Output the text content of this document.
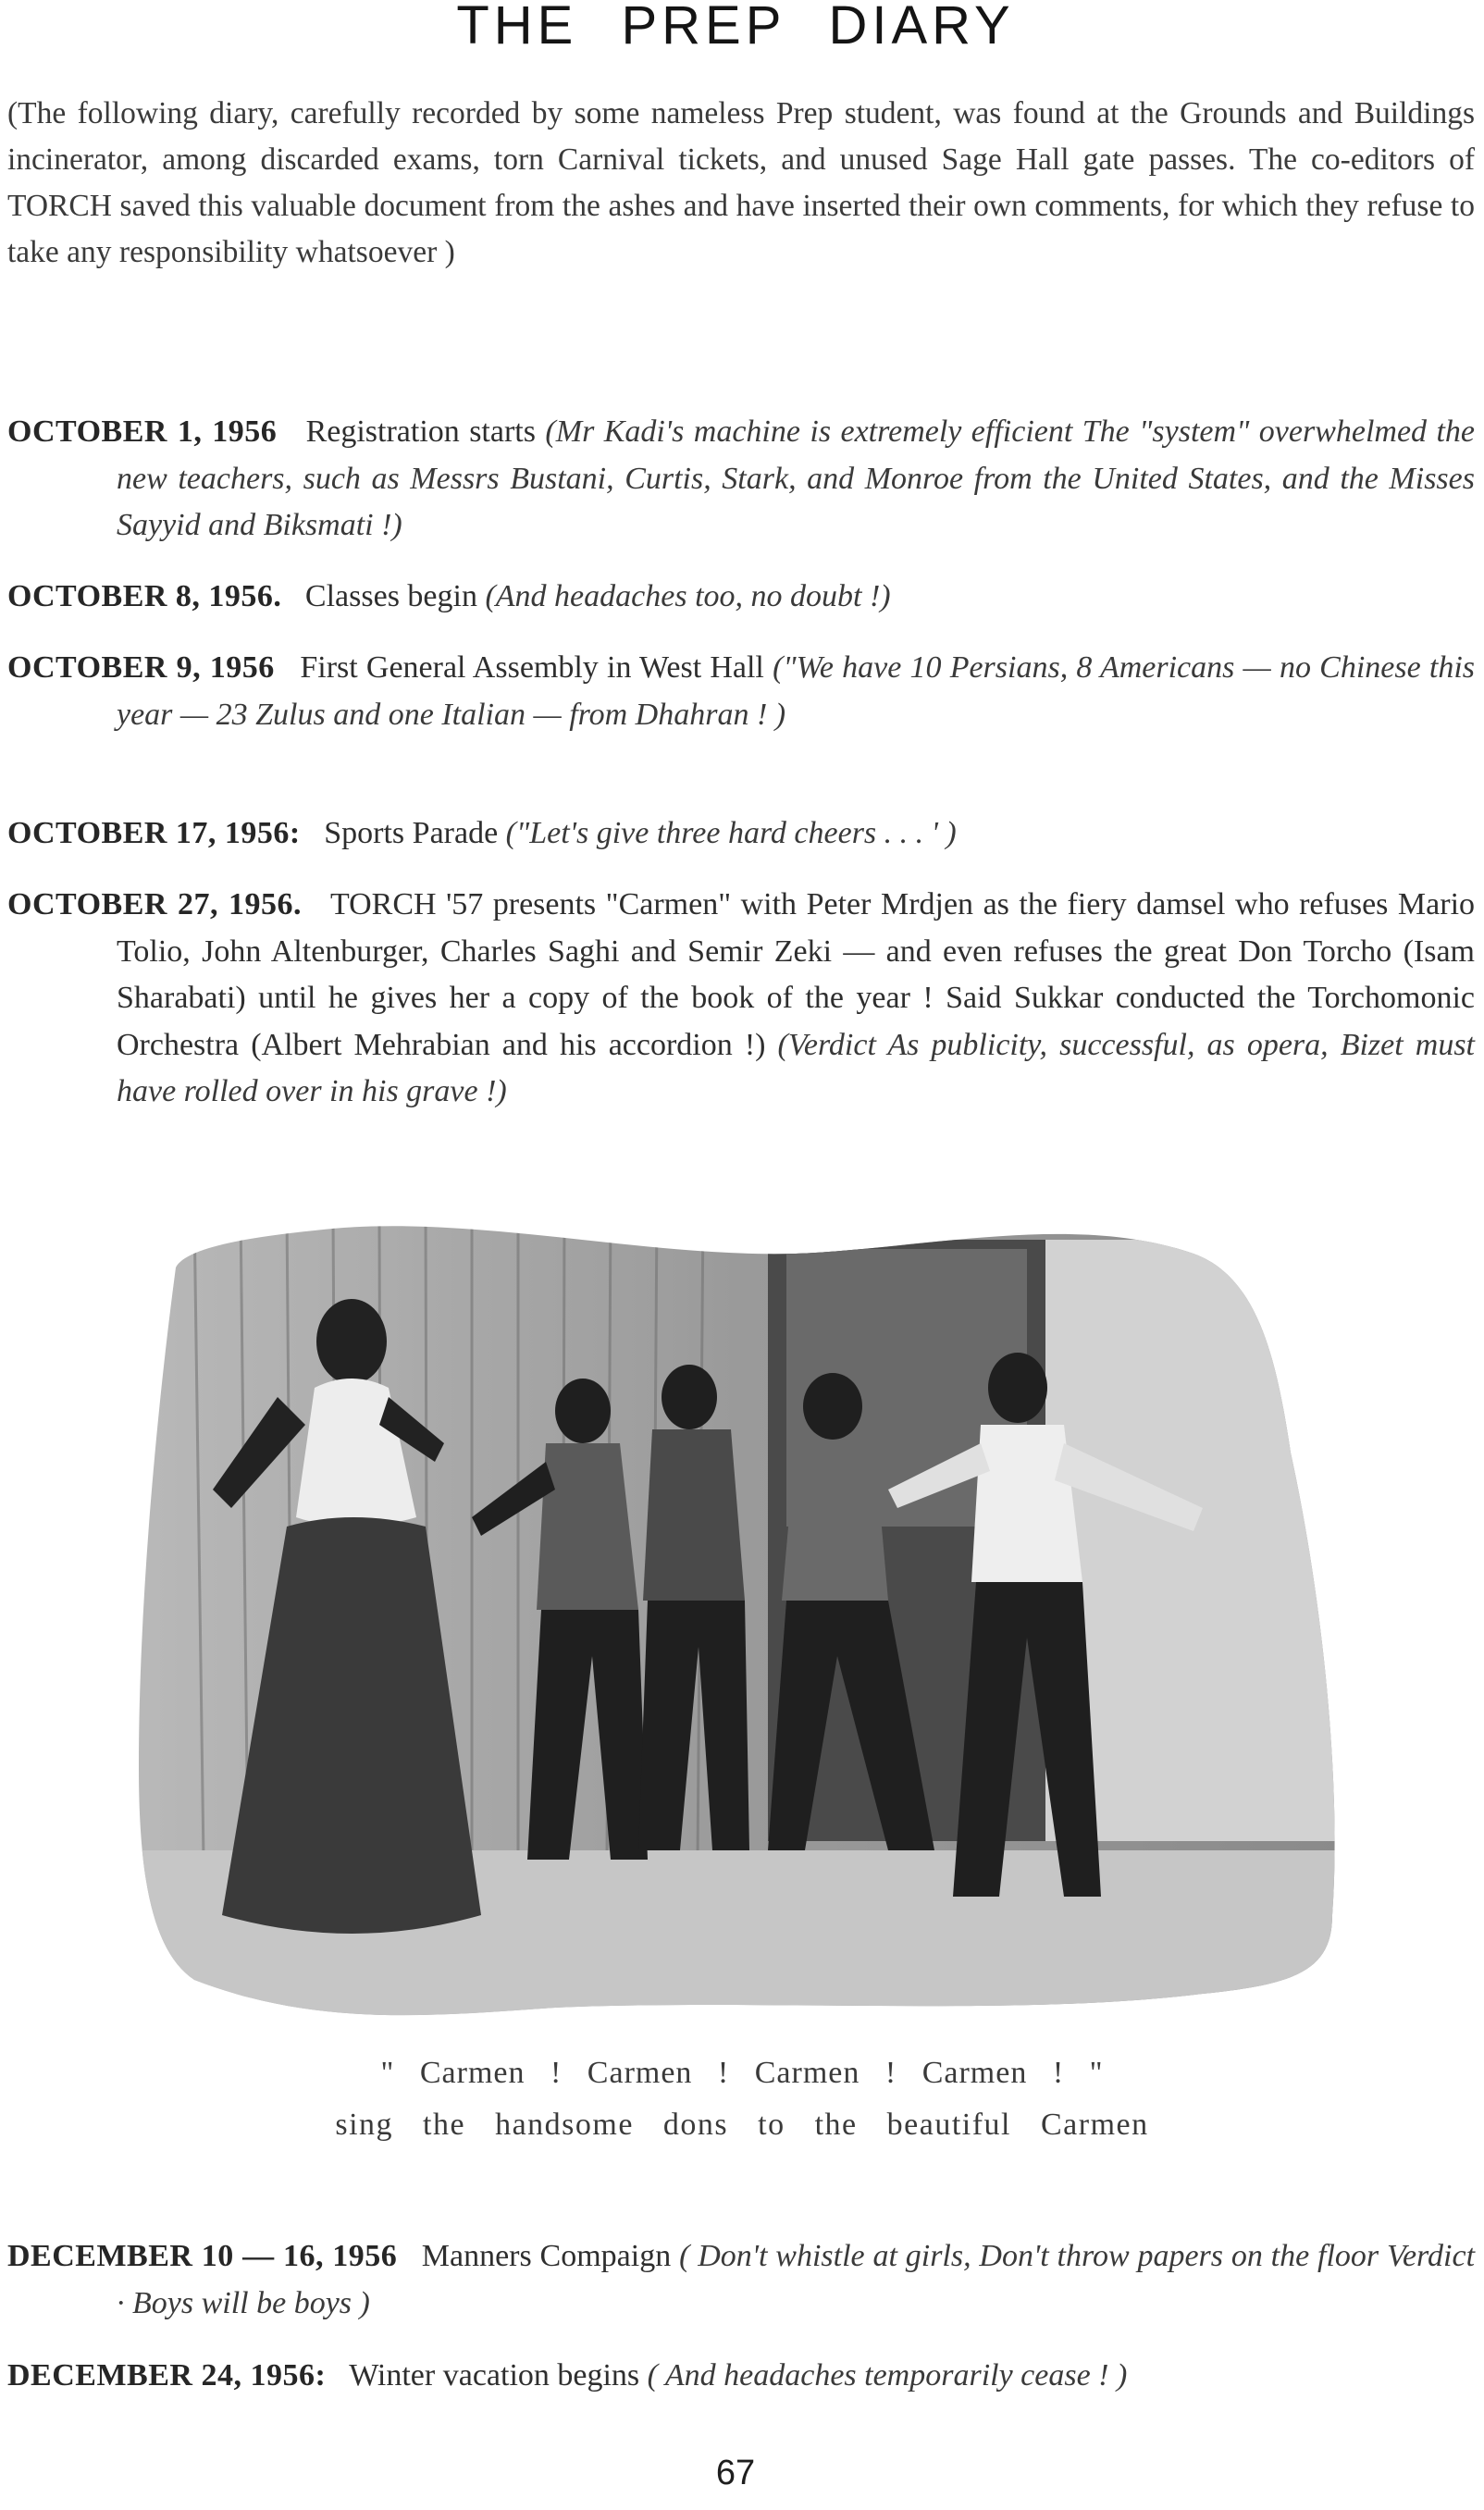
THE PREP DIARY

(The following diary, carefully recorded by some nameless Prep student, was found at the Grounds and Buildings incinerator, among discarded exams, torn Carnival tickets, and unused Sage Hall gate passes. The co-editors of TORCH saved this valuable document from the ashes and have inserted their own comments, for which they refuse to take any responsibility whatsoever )

OCTOBER 1, 1956 Registration starts (Mr Kadi's machine is extremely efficient The "system" overwhelmed the new teachers, such as Messrs Bustani, Curtis, Stark, and Monroe from the United States, and the Misses Sayyid and Biksmati !)

OCTOBER 8, 1956. Classes begin (And headaches too, no doubt !)

OCTOBER 9, 1956 First General Assembly in West Hall ("We have 10 Persians, 8 Americans — no Chinese this year — 23 Zulus and one Italian — from Dhahran ! )

OCTOBER 17, 1956: Sports Parade ("Let's give three hard cheers . . . ' )

OCTOBER 27, 1956. TORCH '57 presents "Carmen" with Peter Mrdjen as the fiery damsel who refuses Mario Tolio, John Altenburger, Charles Saghi and Semir Zeki — and even refuses the great Don Torcho (Isam Sharabati) until he gives her a copy of the book of the year ! Said Sukkar conducted the Torchomonic Orchestra (Albert Mehrabian and his accordion !) (Verdict As publicity, successful, as opera, Bizet must have rolled over in his grave !)

" Carmen ! Carmen ! Carmen ! Carmen ! "

sing the handsome dons to the beautiful Carmen

DECEMBER 10 — 16, 1956 Manners Compaign ( Don't whistle at girls, Don't throw papers on the floor Verdict · Boys will be boys )

DECEMBER 24, 1956: Winter vacation begins ( And headaches temporarily cease ! )

67
